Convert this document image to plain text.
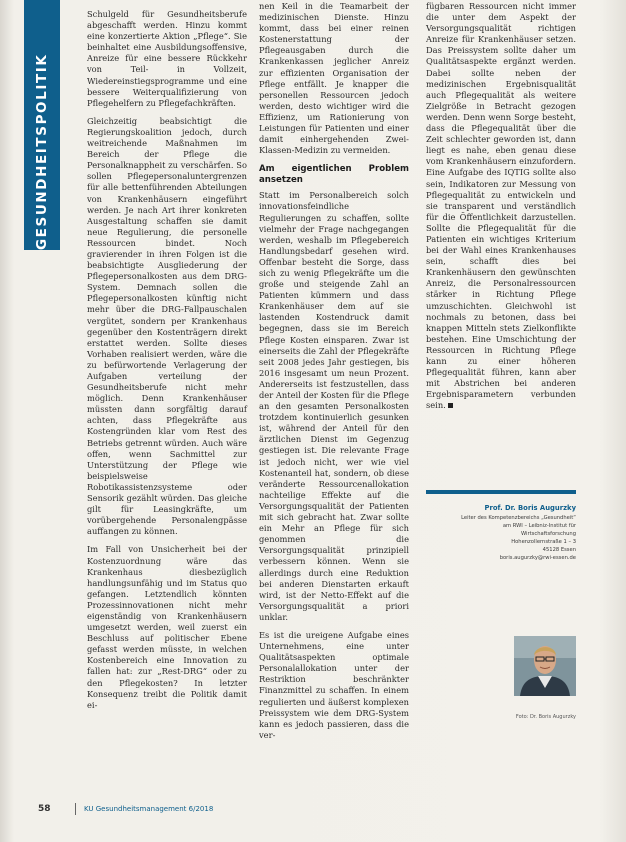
GESUNDHEITSPOLITIK

Schulgeld für Gesundheitsberufe abgeschafft werden. Hinzu kommt eine konzertierte Aktion „Pflege“. Sie beinhaltet eine Ausbildungsoffensive, Anreize für eine bessere Rückkehr von Teil- in Vollzeit, Wiedereinstiegsprogramme und eine bessere Weiterqualifizierung von Pflegehelfern zu Pflegefachkräften.

Gleichzeitig beabsichtigt die Regierungskoalition jedoch, durch weitreichende Maßnahmen im Bereich der Pflege die Personalknappheit zu verschärfen. So sollen Pflegepersonaluntergrenzen für alle bettenführenden Abteilungen von Krankenhäusern eingeführt werden. Je nach Art ihrer konkreten Ausgestaltung schaffen sie damit neue Regulierung, die personelle Ressourcen bindet. Noch gravierender in ihren Folgen ist die beabsichtigte Ausgliederung der Pflegepersonalkosten aus dem DRG-System. Demnach sollen die Pflegepersonalkosten künftig nicht mehr über die DRG-Fallpauschalen vergütet, sondern per Krankenhaus gegenüber den Kostenträgern direkt erstattet werden. Sollte dieses Vorhaben realisiert werden, wäre die zu befürwortende Verlagerung der Aufgaben verteilung der Gesundheitsberufe nicht mehr möglich. Denn Krankenhäuser müssten dann sorgfältig darauf achten, dass Pflegekräfte aus Kostengründen klar vom Rest des Betriebs getrennt würden. Auch wäre offen, wenn Sachmittel zur Unterstützung der Pflege wie beispielsweise Robotikassistenzsysteme oder Sensorik gezählt würden. Das gleiche gilt für Leasingkräfte, um vorübergehende Personalengpässe auffangen zu können.

Im Fall von Unsicherheit bei der Kostenzuordnung wäre das Krankenhaus diesbezüglich handlungsunfähig und im Status quo gefangen. Letztendlich könnten Prozessinnovationen nicht mehr eigenständig von Krankenhäusern umgesetzt werden, weil zuerst ein Beschluss auf politischer Ebene gefasst werden müsste, in welchen Kostenbereich eine Innovation zu fallen hat: zur „Rest-DRG“ oder zu den Pflegekosten? In letzter Konsequenz treibt die Politik damit ei-

nen Keil in die Teamarbeit der medizinischen Dienste. Hinzu kommt, dass bei einer reinen Kostenerstattung der Pflegeausgaben durch die Krankenkassen jeglicher Anreiz zur effizienten Organisation der Pflege entfällt. Je knapper die personellen Ressourcen jedoch werden, desto wichtiger wird die Effizienz, um Rationierung von Leistungen für Patienten und einer damit einhergehenden Zwei-Klassen-Medizin zu vermeiden.

Am eigentlichen Problem ansetzen

Statt im Personalbereich solch innovationsfeindliche Regulierungen zu schaffen, sollte vielmehr der Frage nachgegangen werden, weshalb im Pflegebereich Handlungsbedarf gesehen wird. Offenbar besteht die Sorge, dass sich zu wenig Pflegekräfte um die große und steigende Zahl an Patienten kümmern und dass Krankenhäuser dem auf sie lastenden Kostendruck damit begegnen, dass sie im Bereich Pflege Kosten einsparen. Zwar ist einerseits die Zahl der Pflegekräfte seit 2008 jedes Jahr gestiegen, bis 2016 insgesamt um neun Prozent. Andererseits ist festzustellen, dass der Anteil der Kosten für die Pflege an den gesamten Personalkosten trotzdem kontinuierlich gesunken ist, während der Anteil für den ärztlichen Dienst im Gegenzug gestiegen ist. Die relevante Frage ist jedoch nicht, wer wie viel Kostenanteil hat, sondern, ob diese veränderte Ressourcenallokation nachteilige Effekte auf die Versorgungsqualität der Patienten mit sich gebracht hat. Zwar sollte ein Mehr an Pflege für sich genommen die Versorgungsqualität prinzipiell verbessern können. Wenn sie allerdings durch eine Reduktion bei anderen Dienstarten erkauft wird, ist der Netto-Effekt auf die Versorgungsqualität a priori unklar.

Es ist die ureigene Aufgabe eines Unternehmens, eine unter Qualitätsaspekten optimale Personalallokation unter der Restriktion beschränkter Finanzmittel zu schaffen. In einem regulierten und äußerst komplexen Preissystem wie dem DRG-System kann es jedoch passieren, dass die ver-

fügbaren Ressourcen nicht immer die unter dem Aspekt der Versorgungsqualität richtigen Anreize für Krankenhäuser setzen. Das Preissystem sollte daher um Qualitätsaspekte ergänzt werden. Dabei sollte neben der medizinischen Ergebnisqualität auch Pflegequalität als weitere Zielgröße in Betracht gezogen werden. Denn wenn Sorge besteht, dass die Pflegequalität über die Zeit schlechter geworden ist, dann liegt es nahe, eben genau diese vom Krankenhäusern einzufordern. Eine Aufgabe des IQTIG sollte also sein, Indikatoren zur Messung von Pflegequalität zu entwickeln und sie transparent und verständlich für die Öffentlichkeit darzustellen. Sollte die Pflegequalität für die Patienten ein wichtiges Kriterium bei der Wahl eines Krankenhauses sein, schafft dies bei Krankenhäusern den gewünschten Anreiz, die Personalressourcen stärker in Richtung Pflege umzuschichten. Gleichwohl ist nochmals zu betonen, dass bei knappen Mitteln stets Zielkonflikte bestehen. Eine Umschichtung der Ressourcen in Richtung Pflege kann zu einer höheren Pflegequalität führen, kann aber mit Abstrichen bei anderen Ergebnisparametern verbunden sein.

Prof. Dr. Boris Augurzky
Leiter des Kompetenzbereichs „Gesundheit“
am RWI – Leibniz-Institut für
Wirtschaftsforschung
Hohenzollernstraße 1 – 3
45128 Essen
boris.augurzky@rwi-essen.de
Foto: Dr. Boris Augurzky
58	KU Gesundheitsmanagement 6/2018
